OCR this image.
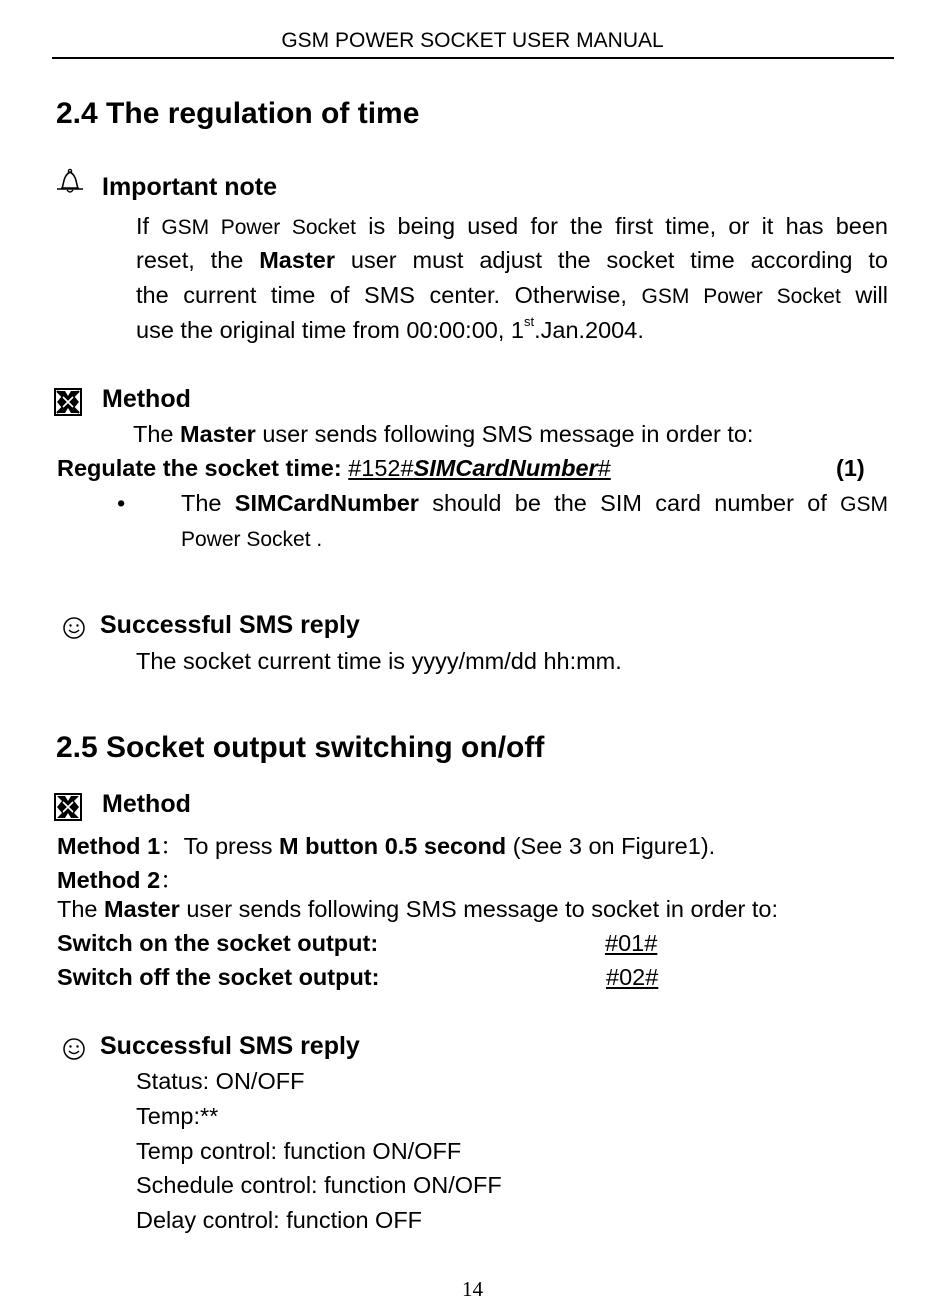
GSM POWER SOCKET USER MANUAL
2.4 The regulation of time
Important note
If GSM Power Socket is being used for the first time, or it has been
reset, the Master user must adjust the socket time according to
the current time of SMS center. Otherwise, GSM Power Socket will
use the original time from 00:00:00, 1st.Jan.2004.
Method
The Master user sends following SMS message in order to:
Regulate the socket time: #152#SIMCardNumber#	(1)
• The SIMCardNumber should be the SIM card number of GSM
Power Socket .
Successful SMS reply
The socket current time is yyyy/mm/dd hh:mm.
2.5 Socket output switching on/off
Method
Method 1：To press M button 0.5 second (See 3 on Figure1).
Method 2：
The Master user sends following SMS message to socket in order to:
Switch on the socket output:	#01#
Switch off the socket output:	#02#
Successful SMS reply
Status: ON/OFF
Temp:**
Temp control: function ON/OFF
Schedule control: function ON/OFF
Delay control: function OFF
14
